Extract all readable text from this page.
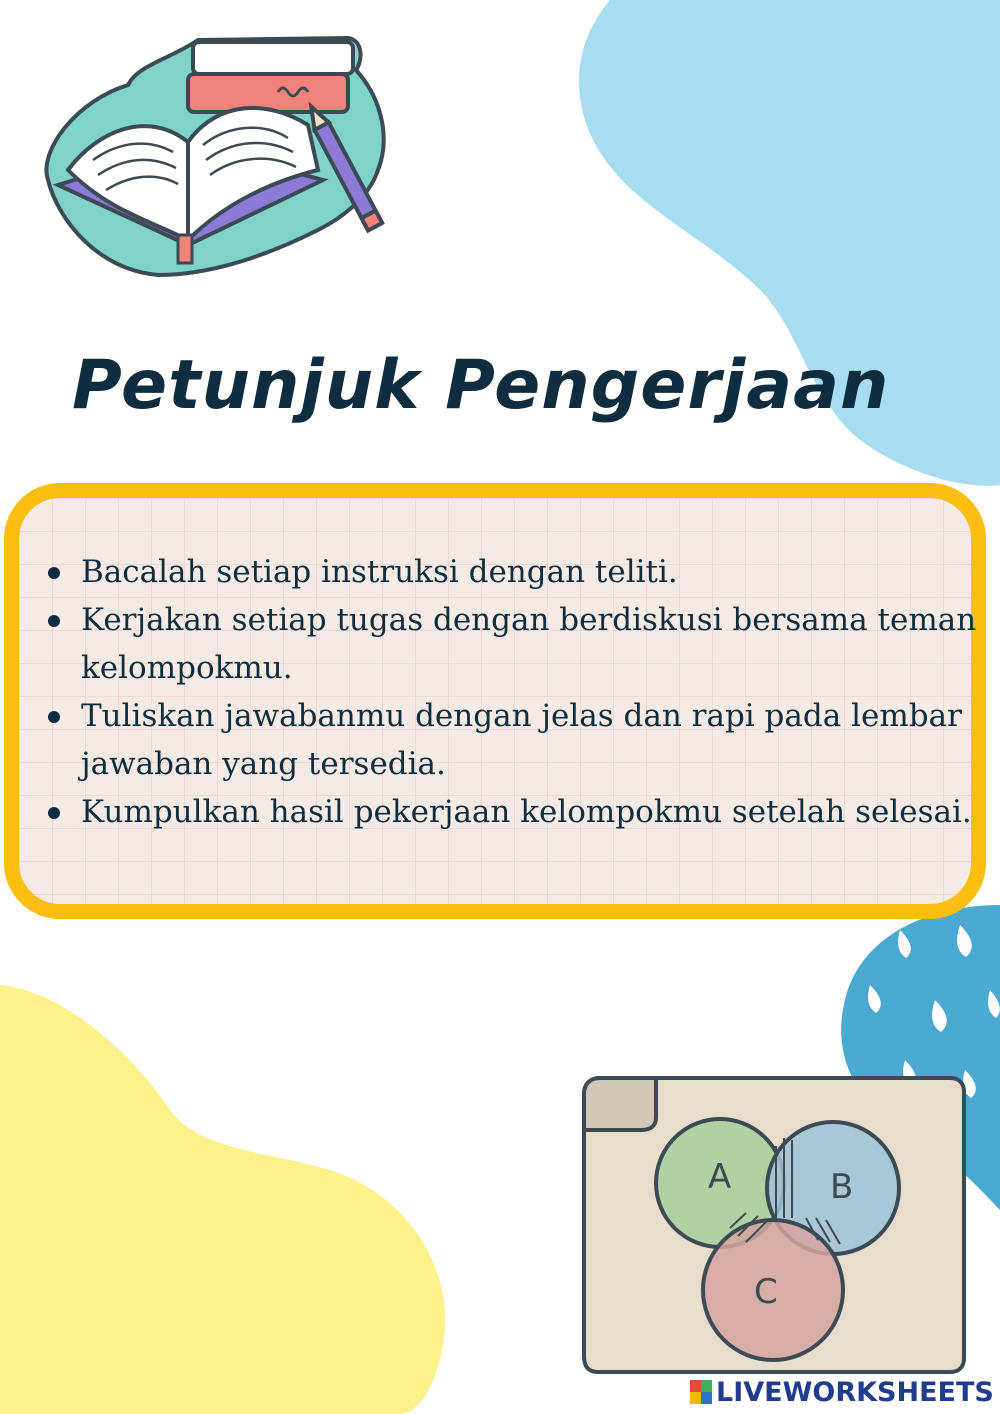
Petunjuk Pengerjaan
Bacalah setiap instruksi dengan teliti.
Kerjakan setiap tugas dengan berdiskusi bersama teman kelompokmu.
Tuliskan jawabanmu dengan jelas dan rapi pada lembar jawaban yang tersedia.
Kumpulkan hasil pekerjaan kelompokmu setelah selesai.
A	B
C
LIVEWORKSHEETS
